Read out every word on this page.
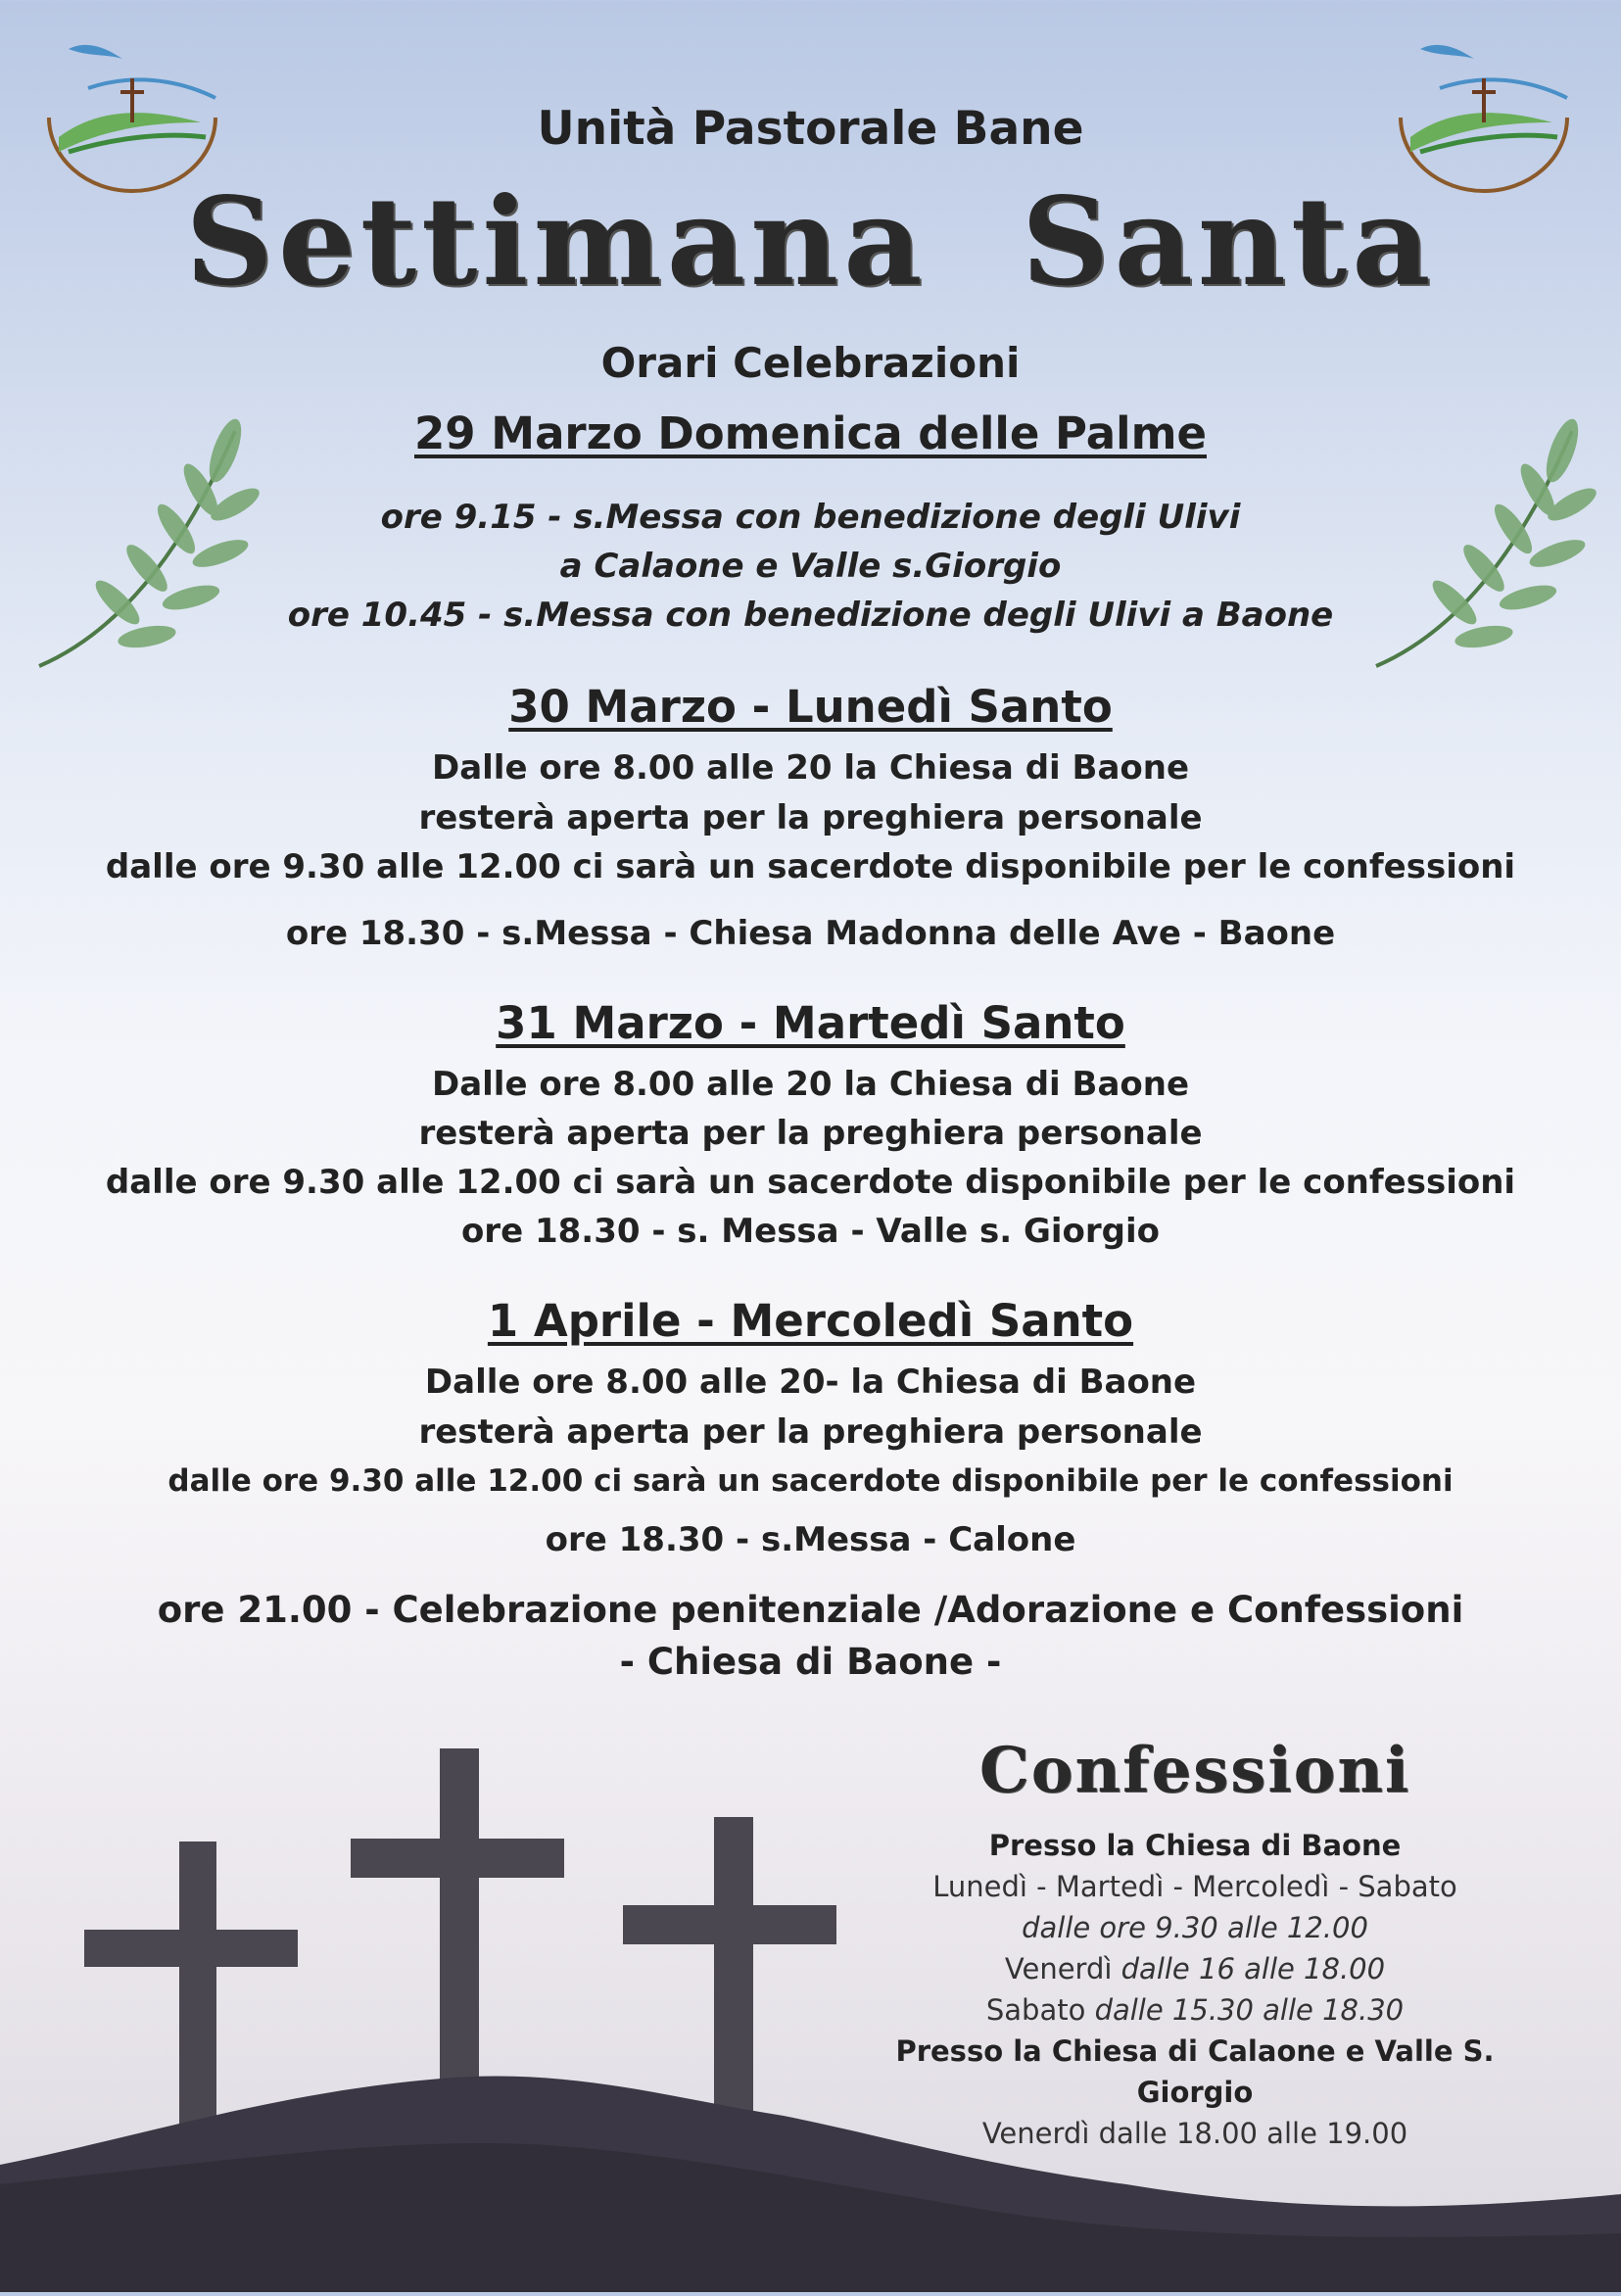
Unità Pastorale Bane
Settimana  Santa
Orari Celebrazioni
29 Marzo Domenica delle Palme
ore 9.15 - s.Messa con benedizione degli Ulivi
a Calaone e Valle s.Giorgio
ore 10.45 - s.Messa con benedizione degli Ulivi a Baone
30 Marzo - Lunedì Santo
Dalle ore 8.00 alle 20 la Chiesa di Baone
resterà aperta per la preghiera personale
dalle ore 9.30 alle 12.00 ci sarà un sacerdote disponibile per le confessioni
ore 18.30 - s.Messa - Chiesa Madonna delle Ave - Baone
31 Marzo - Martedì Santo
Dalle ore 8.00 alle 20 la Chiesa di Baone
resterà aperta per la preghiera personale
dalle ore 9.30 alle 12.00 ci sarà un sacerdote disponibile per le confessioni
ore 18.30 - s. Messa - Valle s. Giorgio
1 Aprile - Mercoledì Santo
Dalle ore 8.00 alle 20- la Chiesa di Baone
resterà aperta per la preghiera personale
dalle ore 9.30 alle 12.00 ci sarà un sacerdote disponibile per le confessioni
ore 18.30 - s.Messa - Calone
ore 21.00 - Celebrazione penitenziale /Adorazione e Confessioni
- Chiesa di Baone -
Confessioni
Presso la Chiesa di Baone
Lunedì - Martedì - Mercoledì - Sabato
dalle ore 9.30 alle 12.00
Venerdì dalle 16 alle 18.00
Sabato dalle 15.30 alle 18.30
Presso la Chiesa di Calaone e Valle S. Giorgio
Venerdì dalle 18.00 alle 19.00
